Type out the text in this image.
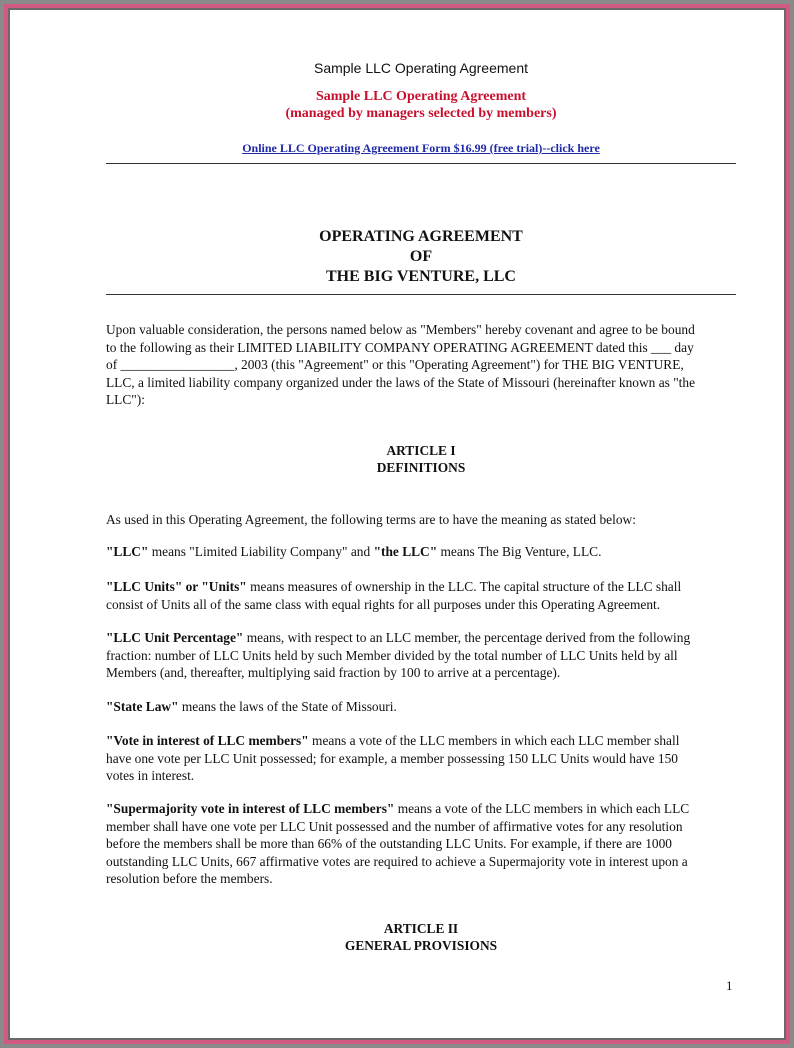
Sample LLC Operating Agreement
Sample LLC Operating Agreement
(managed by managers selected by members)
Online LLC Operating Agreement Form $16.99 (free trial)--click here
OPERATING AGREEMENT
OF
THE BIG VENTURE, LLC
Upon valuable consideration, the persons named below as "Members" hereby covenant and agree to be bound
to the following as their LIMITED LIABILITY COMPANY OPERATING AGREEMENT dated this ___ day
of _________________, 2003 (this "Agreement" or this "Operating Agreement") for THE BIG VENTURE,
LLC, a limited liability company organized under the laws of the State of Missouri (hereinafter known as "the
LLC"):
ARTICLE I
DEFINITIONS
As used in this Operating Agreement, the following terms are to have the meaning as stated below:
"LLC" means "Limited Liability Company" and "the LLC" means The Big Venture, LLC.
"LLC Units" or "Units" means measures of ownership in the LLC. The capital structure of the LLC shall
consist of Units all of the same class with equal rights for all purposes under this Operating Agreement.
"LLC Unit Percentage" means, with respect to an LLC member, the percentage derived from the following
fraction: number of LLC Units held by such Member divided by the total number of LLC Units held by all
Members (and, thereafter, multiplying said fraction by 100 to arrive at a percentage).
"State Law" means the laws of the State of Missouri.
"Vote in interest of LLC members" means a vote of the LLC members in which each LLC member shall
have one vote per LLC Unit possessed; for example, a member possessing 150 LLC Units would have 150
votes in interest.
"Supermajority vote in interest of LLC members" means a vote of the LLC members in which each LLC
member shall have one vote per LLC Unit possessed and the number of affirmative votes for any resolution
before the members shall be more than 66% of the outstanding LLC Units. For example, if there are 1000
outstanding LLC Units, 667 affirmative votes are required to achieve a Supermajority vote in interest upon a
resolution before the members.
ARTICLE II
GENERAL PROVISIONS
1
